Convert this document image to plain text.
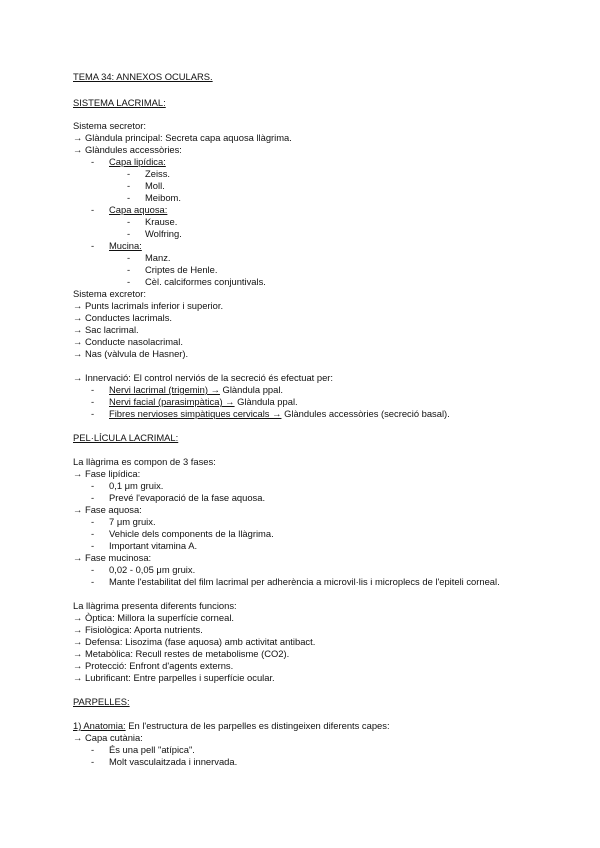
TEMA 34: ANNEXOS OCULARS.
SISTEMA LACRIMAL:
Sistema secretor:
→ Glàndula principal: Secreta capa aquosa llàgrima.
→ Glàndules accessòries:
- Capa lipídica:
- Zeiss.
- Moll.
- Meibom.
- Capa aquosa:
- Krause.
- Wolfring.
- Mucina:
- Manz.
- Criptes de Henle.
- Cèl. calciformes conjuntivals.
Sistema excretor:
→ Punts lacrimals inferior i superior.
→ Conductes lacrimals.
→ Sac lacrimal.
→ Conducte nasolacrimal.
→ Nas (vàlvula de Hasner).
→ Innervació: El control nerviós de la secreció és efectuat per:
- Nervi lacrimal (trigemin) → Glàndula ppal.
- Nervi facial (parasimpàtica) → Glàndula ppal.
- Fibres nervioses simpàtiques cervicals → Glàndules accessòries (secreció basal).
PEL·LÍCULA LACRIMAL:
La llàgrima es compon de 3 fases:
→ Fase lipídica:
- 0,1 μm gruix.
- Prevé l'evaporació de la fase aquosa.
→ Fase aquosa:
- 7 μm gruix.
- Vehicle dels components de la llàgrima.
- Important vitamina A.
→ Fase mucinosa:
- 0,02 - 0,05 μm gruix.
- Mante l'estabilitat del film lacrimal per adherència a microvil·lis i microplecs de l'epiteli corneal.
La llàgrima presenta diferents funcions:
→ Òptica: Millora la superfície corneal.
→ Fisiològica: Aporta nutrients.
→ Defensa: Lisozima (fase aquosa) amb activitat antibact.
→ Metabòlica: Recull restes de metabolisme (CO2).
→ Protecció: Enfront d'agents externs.
→ Lubrificant: Entre parpelles i superfície ocular.
PARPELLES:
1) Anatomia: En l'estructura de les parpelles es distingeixen diferents capes:
→ Capa cutània:
- És una pell "atípica".
- Molt vasculaitzada i innervada.
